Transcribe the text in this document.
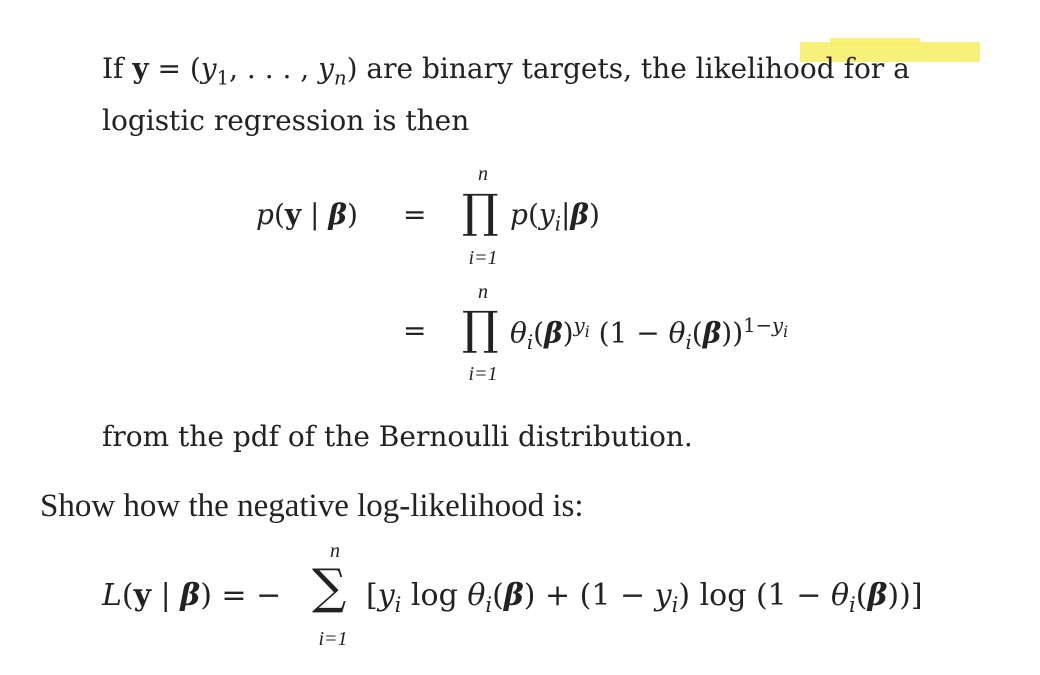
If $y = (y_1$, . . . , $y_n$) are binary targets, the likelihood for a
logistic regression is then
p(y | β) =
n
∏
i=1
$p(y_i|\beta)$
=
n
∏
i=1
$\theta_i(\beta)^{y_i}$ $(1 - \theta_i(\beta))^{1-y_i}$
from the pdf of the Bernoulli distribution.
Show how the negative log-likelihood is:
L(y | β) = −
n
∑
i=1
[$y_i$ $\log \theta_i(\beta) + (1 - y_i)$ $\log (1 - \theta_i(\beta))$]
